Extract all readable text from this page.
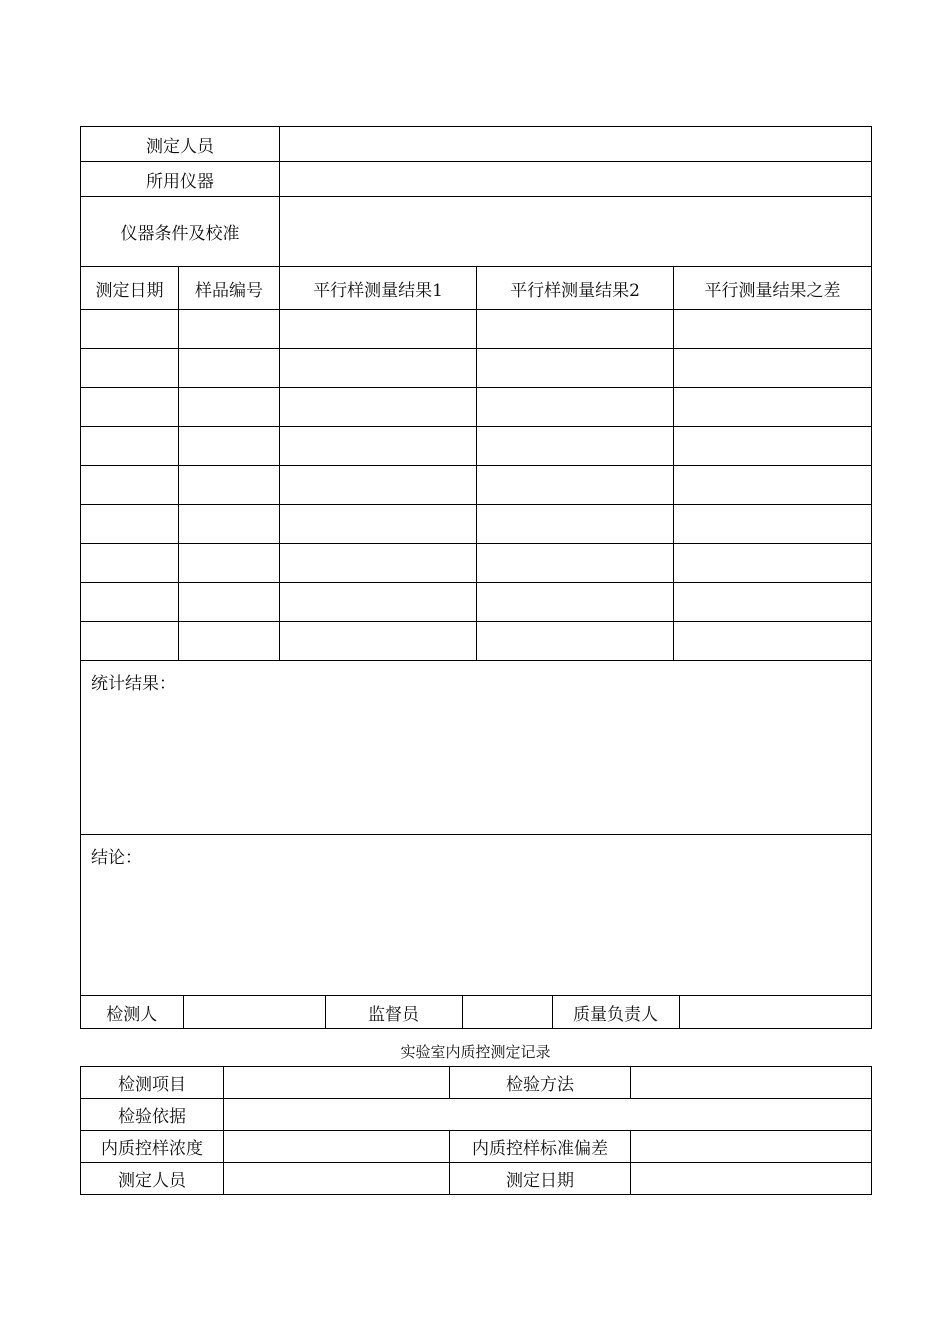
测定人员	
所用仪器	
仪器条件及校准	
测定日期	样品编号	平行样测量结果1	平行样测量结果2	平行测量结果之差

统计结果：
结论：

检测人		监督员		质量负责人	
实验室内质控测定记录
检测项目		检验方法	
检验依据			
内质控样浓度		内质控样标准偏差	
测定人员		测定日期	
